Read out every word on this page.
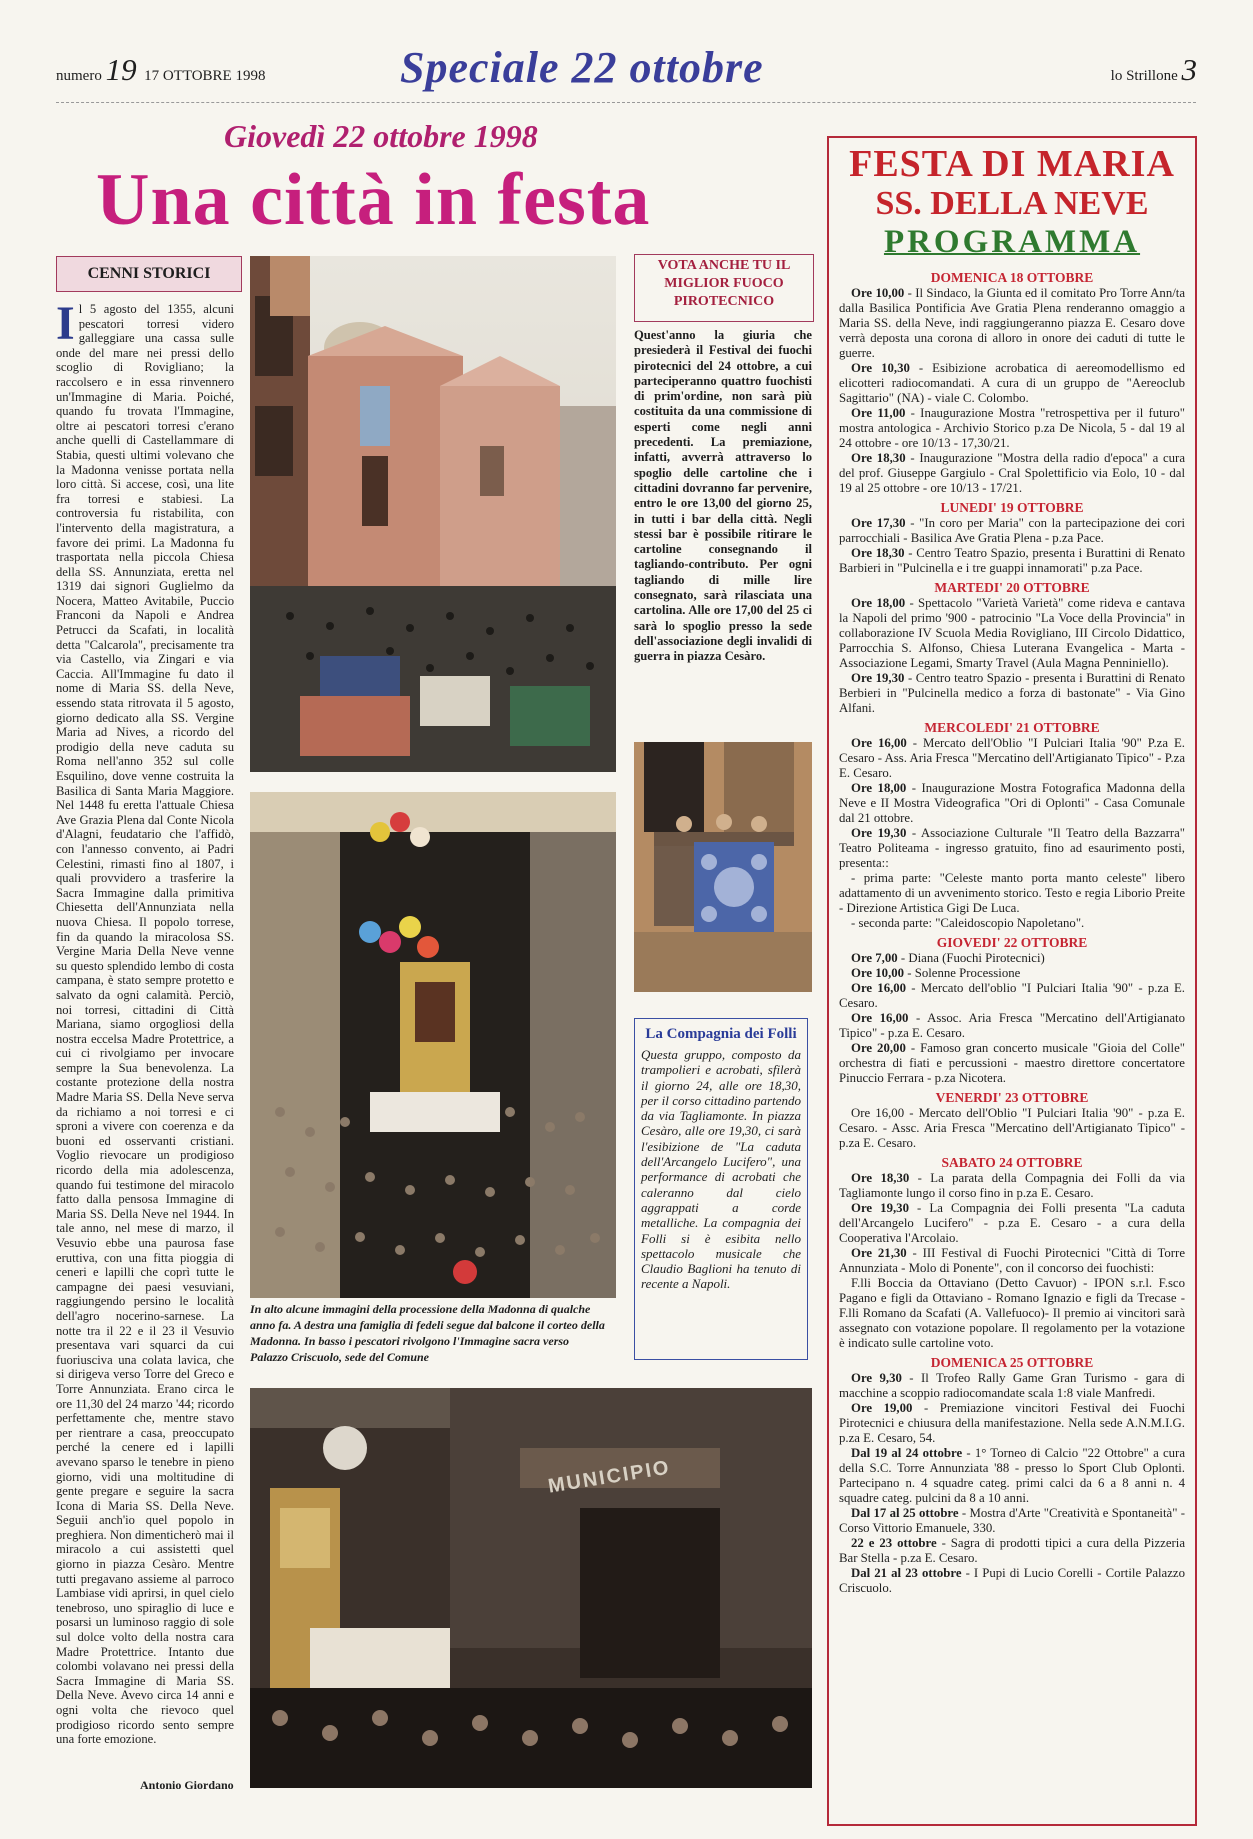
numero 19 17 OTTOBRE 1998	Speciale 22 ottobre	lo Strillone 3
Giovedì 22 ottobre 1998
Una città in festa
CENNI STORICI
Il 5 agosto del 1355, alcuni pescatori torresi videro galleggiare una cassa sulle onde del mare nei pressi dello scoglio di Rovigliano; la raccolsero e in essa rinvennero un'Immagine di Maria. Poiché, quando fu trovata l'Immagine, oltre ai pescatori torresi c'erano anche quelli di Castellammare di Stabia, questi ultimi volevano che la Madonna venisse portata nella loro città. Si accese, così, una lite fra torresi e stabiesi. La controversia fu ristabilita, con l'intervento della magistratura, a favore dei primi. La Madonna fu trasportata nella piccola Chiesa della SS. Annunziata, eretta nel 1319 dai signori Guglielmo da Nocera, Matteo Avitabile, Puccio Franconi da Napoli e Andrea Petrucci da Scafati, in località detta "Calcarola", precisamente tra via Castello, via Zingari e via Caccia. All'Immagine fu dato il nome di Maria SS. della Neve, essendo stata ritrovata il 5 agosto, giorno dedicato alla SS. Vergine Maria ad Nives, a ricordo del prodigio della neve caduta su Roma nell'anno 352 sul colle Esquilino, dove venne costruita la Basilica di Santa Maria Maggiore. Nel 1448 fu eretta l'attuale Chiesa Ave Grazia Plena dal Conte Nicola d'Alagni, feudatario che l'affidò, con l'annesso convento, ai Padri Celestini, rimasti fino al 1807, i quali provvidero a trasferire la Sacra Immagine dalla primitiva Chiesetta dell'Annunziata nella nuova Chiesa. Il popolo torrese, fin da quando la miracolosa SS. Vergine Maria Della Neve venne su questo splendido lembo di costa campana, è stato sempre protetto e salvato da ogni calamità. Perciò, noi torresi, cittadini di Città Mariana, siamo orgogliosi della nostra eccelsa Madre Protettrice, a cui ci rivolgiamo per invocare sempre la Sua benevolenza. La costante protezione della nostra Madre Maria SS. Della Neve serva da richiamo a noi torresi e ci sproni a vivere con coerenza e da buoni ed osservanti cristiani. Voglio rievocare un prodigioso ricordo della mia adolescenza, quando fui testimone del miracolo fatto dalla pensosa Immagine di Maria SS. Della Neve nel 1944. In tale anno, nel mese di marzo, il Vesuvio ebbe una paurosa fase eruttiva, con una fitta pioggia di ceneri e lapilli che coprì tutte le campagne dei paesi vesuviani, raggiungendo persino le località dell'agro nocerino-sarnese. La notte tra il 22 e il 23 il Vesuvio presentava vari squarci da cui fuoriusciva una colata lavica, che si dirigeva verso Torre del Greco e Torre Annunziata. Erano circa le ore 11,30 del 24 marzo '44; ricordo perfettamente che, mentre stavo per rientrare a casa, preoccupato perché la cenere ed i lapilli avevano sparso le tenebre in pieno giorno, vidi una moltitudine di gente pregare e seguire la sacra Icona di Maria SS. Della Neve. Seguii anch'io quel popolo in preghiera. Non dimenticherò mai il miracolo a cui assistetti quel giorno in piazza Cesàro. Mentre tutti pregavano assieme al parroco Lambiase vidi aprirsi, in quel cielo tenebroso, uno spiraglio di luce e posarsi un luminoso raggio di sole sul dolce volto della nostra cara Madre Protettrice. Intanto due colombi volavano nei pressi della Sacra Immagine di Maria SS. Della Neve. Avevo circa 14 anni e ogni volta che rievoco quel prodigioso ricordo sento sempre una forte emozione.
Antonio Giordano
VOTA ANCHE TU IL MIGLIOR FUOCO PIROTECNICO
Quest'anno la giuria che presiederà il Festival dei fuochi pirotecnici del 24 ottobre, a cui parteciperanno quattro fuochisti di prim'ordine, non sarà più costituita da una commissione di esperti come negli anni precedenti. La premiazione, infatti, avverrà attraverso lo spoglio delle cartoline che i cittadini dovranno far pervenire, entro le ore 13,00 del giorno 25, in tutti i bar della città. Negli stessi bar è possibile ritirare le cartoline consegnando il tagliando-contributo. Per ogni tagliando di mille lire consegnato, sarà rilasciata una cartolina. Alle ore 17,00 del 25 ci sarà lo spoglio presso la sede dell'associazione degli invalidi di guerra in piazza Cesàro.
In alto alcune immagini della processione della Madonna di qualche anno fa. A destra una famiglia di fedeli segue dal balcone il corteo della Madonna. In basso i pescatori rivolgono l'Immagine sacra verso Palazzo Criscuolo, sede del Comune
La Compagnia dei Folli
Questa gruppo, composto da trampolieri e acrobati, sfilerà il giorno 24, alle ore 18,30, per il corso cittadino partendo da via Tagliamonte. In piazza Cesàro, alle ore 19,30, ci sarà l'esibizione de "La caduta dell'Arcangelo Lucifero", una performance di acrobati che caleranno dal cielo aggrappati a corde metalliche. La compagnia dei Folli si è esibita nello spettacolo musicale che Claudio Baglioni ha tenuto di recente a Napoli.
MUNICIPIO
FESTA DI MARIA
SS. DELLA NEVE
PROGRAMMA
DOMENICA 18 OTTOBRE
Ore 10,00 - Il Sindaco, la Giunta ed il comitato Pro Torre Ann/ta dalla Basilica Pontificia Ave Gratia Plena renderanno omaggio a Maria SS. della Neve, indi raggiungeranno piazza E. Cesaro dove verrà deposta una corona di alloro in onore dei caduti di tutte le guerre.
Ore 10,30 - Esibizione acrobatica di aereomodellismo ed elicotteri radiocomandati. A cura di un gruppo de "Aereoclub Sagittario" (NA) - viale C. Colombo.
Ore 11,00 - Inaugurazione Mostra "retrospettiva per il futuro" mostra antologica - Archivio Storico p.za De Nicola, 5 - dal 19 al 24 ottobre - ore 10/13 - 17,30/21.
Ore 18,30 - Inaugurazione "Mostra della radio d'epoca" a cura del prof. Giuseppe Gargiulo - Cral Spolettificio via Eolo, 10 - dal 19 al 25 ottobre - ore 10/13 - 17/21.
LUNEDI' 19 OTTOBRE
Ore 17,30 - "In coro per Maria" con la partecipazione dei cori parrocchiali - Basilica Ave Gratia Plena - p.za Pace.
Ore 18,30 - Centro Teatro Spazio, presenta i Burattini di Renato Barbieri in "Pulcinella e i tre guappi innamorati" p.za Pace.
MARTEDI' 20 OTTOBRE
Ore 18,00 - Spettacolo "Varietà Varietà" come rideva e cantava la Napoli del primo '900 - patrocinio "La Voce della Provincia" in collaborazione IV Scuola Media Rovigliano, III Circolo Didattico, Parrocchia S. Alfonso, Chiesa Luterana Evangelica - Marta - Associazione Legami, Smarty Travel (Aula Magna Penniniello).
Ore 19,30 - Centro teatro Spazio - presenta i Burattini di Renato Berbieri in "Pulcinella medico a forza di bastonate" - Via Gino Alfani.
MERCOLEDI' 21 OTTOBRE
Ore 16,00 - Mercato dell'Oblio "I Pulciari Italia '90" P.za E. Cesaro - Ass. Aria Fresca "Mercatino dell'Artigianato Tipico" - P.za E. Cesaro.
Ore 18,00 - Inaugurazione Mostra Fotografica Madonna della Neve e II Mostra Videografica "Ori di Oplonti" - Casa Comunale dal 21 ottobre.
Ore 19,30 - Associazione Culturale "Il Teatro della Bazzarra" Teatro Politeama - ingresso gratuito, fino ad esaurimento posti, presenta::
- prima parte: "Celeste manto porta manto celeste" libero adattamento di un avvenimento storico. Testo e regia Liborio Preite - Direzione Artistica Gigi De Luca.
- seconda parte: "Caleidoscopio Napoletano".
GIOVEDI' 22 OTTOBRE
Ore 7,00 - Diana (Fuochi Pirotecnici)
Ore 10,00 - Solenne Processione
Ore 16,00 - Mercato dell'oblio "I Pulciari Italia '90" - p.za E. Cesaro.
Ore 16,00 - Assoc. Aria Fresca "Mercatino dell'Artigianato Tipico" - p.za E. Cesaro.
Ore 20,00 - Famoso gran concerto musicale "Gioia del Colle" orchestra di fiati e percussioni - maestro direttore concertatore Pinuccio Ferrara - p.za Nicotera.
VENERDI' 23 OTTOBRE
Ore 16,00 - Mercato dell'Oblio "I Pulciari Italia '90" - p.za E. Cesaro. - Assc. Aria Fresca "Mercatino dell'Artigianato Tipico" - p.za E. Cesaro.
SABATO 24 OTTOBRE
Ore 18,30 - La parata della Compagnia dei Folli da via Tagliamonte lungo il corso fino in p.za E. Cesaro.
Ore 19,30 - La Compagnia dei Folli presenta "La caduta dell'Arcangelo Lucifero" - p.za E. Cesaro - a cura della Cooperativa l'Arcolaio.
Ore 21,30 - III Festival di Fuochi Pirotecnici "Città di Torre Annunziata - Molo di Ponente", con il concorso dei fuochisti:
F.lli Boccia da Ottaviano (Detto Cavuor) - IPON s.r.l. F.sco Pagano e figli da Ottaviano - Romano Ignazio e figli da Trecase - F.lli Romano da Scafati (A. Vallefuoco)- Il premio ai vincitori sarà assegnato con votazione popolare. Il regolamento per la votazione è indicato sulle cartoline voto.
DOMENICA 25 OTTOBRE
Ore 9,30 - Il Trofeo Rally Game Gran Turismo - gara di macchine a scoppio radiocomandate scala 1:8 viale Manfredi.
Ore 19,00 - Premiazione vincitori Festival dei Fuochi Pirotecnici e chiusura della manifestazione. Nella sede A.N.M.I.G. p.za E. Cesaro, 54.
Dal 19 al 24 ottobre - 1° Torneo di Calcio "22 Ottobre" a cura della S.C. Torre Annunziata '88 - presso lo Sport Club Oplonti. Partecipano n. 4 squadre categ. primi calci da 6 a 8 anni n. 4 squadre categ. pulcini da 8 a 10 anni.
Dal 17 al 25 ottobre - Mostra d'Arte "Creatività e Spontaneità" - Corso Vittorio Emanuele, 330.
22 e 23 ottobre - Sagra di prodotti tipici a cura della Pizzeria Bar Stella - p.za E. Cesaro.
Dal 21 al 23 ottobre - I Pupi di Lucio Corelli - Cortile Palazzo Criscuolo.
